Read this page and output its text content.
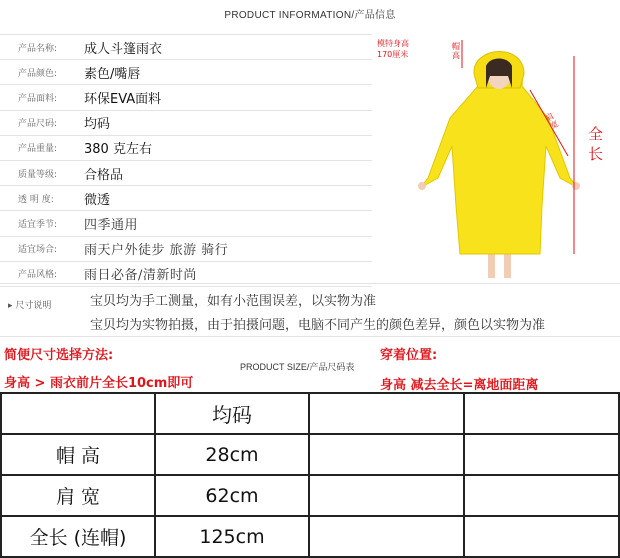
PRODUCT INFORMATION/产品信息
产品名称:	成人斗篷雨衣
产品颜色:	素色/嘴唇
产品面料:	环保EVA面料
产品尺码:	均码
产品重量:	380 克左右
质量等级:	合格品
透 明 度:	微透
适宜季节:	四季通用
适宜场合:	雨天户外徒步 旅游 骑行
产品风格:	雨日必备/清新时尚
模特身高
170厘米
帽高
肩宽 全
长
▸ 尺寸说明	宝贝均为手工测量，如有小范围误差，以实物为准
宝贝均为实物拍摄，由于拍摄问题，电脑不同产生的颜色差异，颜色以实物为准
简便尺寸选择方法:
身高 > 雨衣前片全长10cm即可
PRODUCT SIZE/产品尺码表
穿着位置:
身高 减去全长=离地面距离
	均码		
帽 高	28cm		
肩 宽	62cm		
全长 (连帽)	125cm		
